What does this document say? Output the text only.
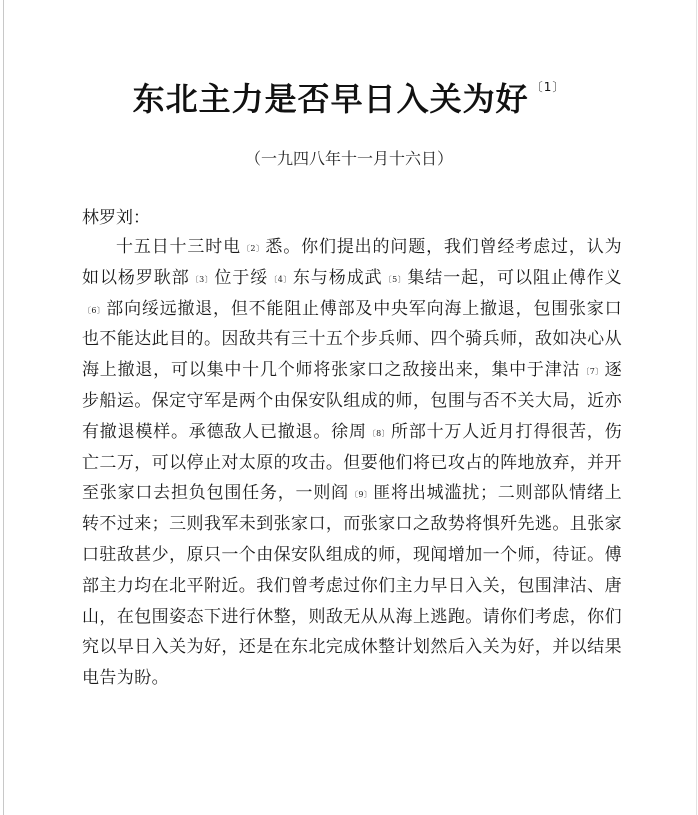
东北主力是否早日入关为好 $^{〔1〕}$
（一九四八年十一月十六日）
林罗刘：

十五日十三时电$^{〔2〕}$悉。你们提出的问题，我们曾经考虑过，认为如以杨罗耿部$^{〔3〕}$位于绥$^{〔4〕}$东与杨成武$^{〔5〕}$集结一起，可以阻止傅作义$^{〔6〕}$部向绥远撤退，但不能阻止傅部及中央军向海上撤退，包围张家口也不能达此目的。因敌共有三十五个步兵师、四个骑兵师，敌如决心从海上撤退，可以集中十几个师将张家口之敌接出来，集中于津沽$^{〔7〕}$逐步船运。保定守军是两个由保安队组成的师，包围与否不关大局，近亦有撤退模样。承德敌人已撤退。徐周$^{〔8〕}$所部十万人近月打得很苦，伤亡二万，可以停止对太原的攻击。但要他们将已攻占的阵地放弃，并开至张家口去担负包围任务，一则阎$^{〔9〕}$匪将出城滥扰；二则部队情绪上转不过来；三则我军未到张家口，而张家口之敌势将惧歼先逃。且张家口驻敌甚少，原只一个由保安队组成的师，现闻增加一个师，待证。傅部主力均在北平附近。我们曾考虑过你们主力早日入关，包围津沽、唐山，在包围姿态下进行休整，则敌无从从海上逃跑。请你们考虑，你们究以早日入关为好，还是在东北完成休整计划然后入关为好，并以结果电告为盼。
